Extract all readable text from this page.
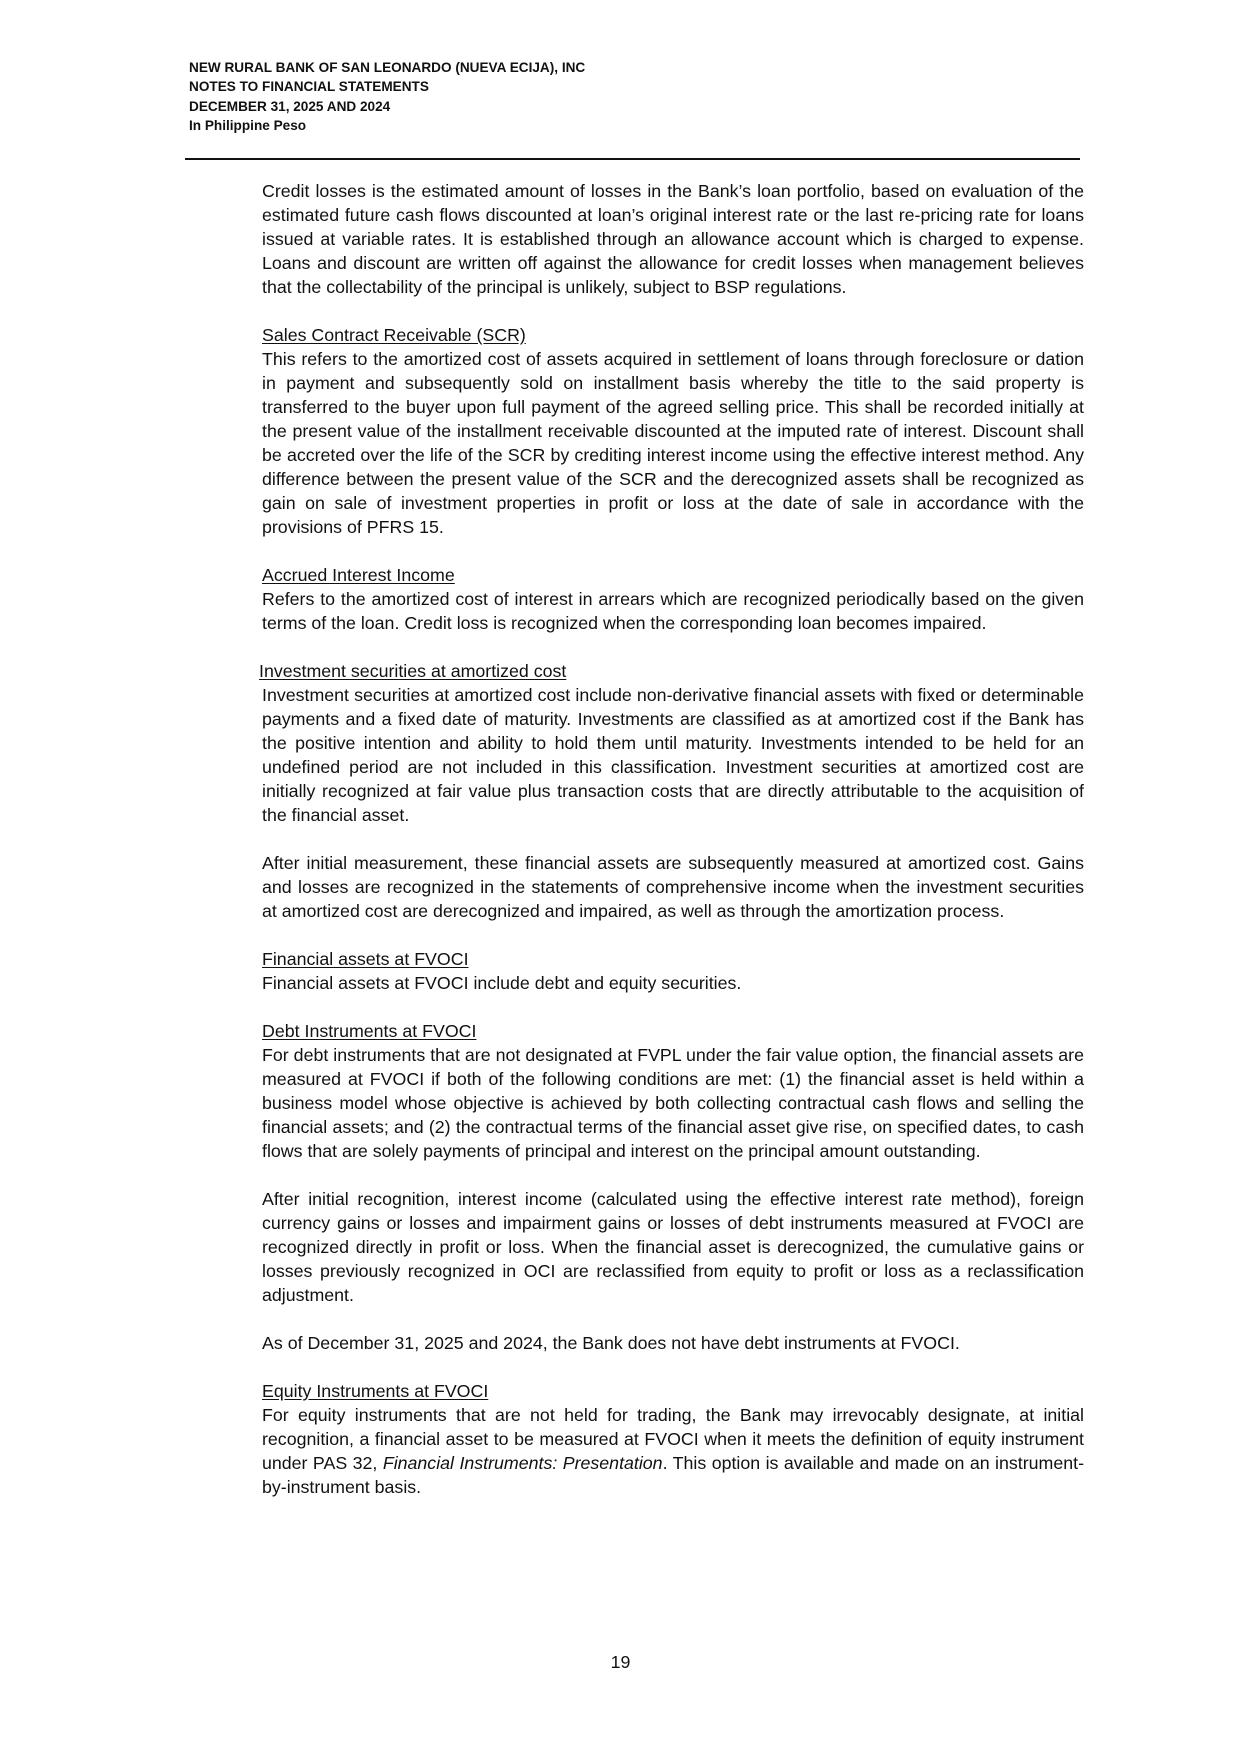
NEW RURAL BANK OF SAN LEONARDO (NUEVA ECIJA), INC
NOTES TO FINANCIAL STATEMENTS
DECEMBER 31, 2025 AND 2024
In Philippine Peso

Credit losses is the estimated amount of losses in the Bank’s loan portfolio, based on evaluation of the estimated future cash flows discounted at loan’s original interest rate or the last re-pricing rate for loans issued at variable rates. It is established through an allowance account which is charged to expense. Loans and discount are written off against the allowance for credit losses when management believes that the collectability of the principal is unlikely, subject to BSP regulations.

Sales Contract Receivable (SCR)
This refers to the amortized cost of assets acquired in settlement of loans through foreclosure or dation in payment and subsequently sold on installment basis whereby the title to the said property is transferred to the buyer upon full payment of the agreed selling price. This shall be recorded initially at the present value of the installment receivable discounted at the imputed rate of interest. Discount shall be accreted over the life of the SCR by crediting interest income using the effective interest method. Any difference between the present value of the SCR and the derecognized assets shall be recognized as gain on sale of investment properties in profit or loss at the date of sale in accordance with the provisions of PFRS 15.
Accrued Interest Income
Refers to the amortized cost of interest in arrears which are recognized periodically based on the given terms of the loan. Credit loss is recognized when the corresponding loan becomes impaired.
Investment securities at amortized cost
Investment securities at amortized cost include non-derivative financial assets with fixed or determinable payments and a fixed date of maturity. Investments are classified as at amortized cost if the Bank has the positive intention and ability to hold them until maturity. Investments intended to be held for an undefined period are not included in this classification. Investment securities at amortized cost are initially recognized at fair value plus transaction costs that are directly attributable to the acquisition of the financial asset.

After initial measurement, these financial assets are subsequently measured at amortized cost. Gains and losses are recognized in the statements of comprehensive income when the investment securities at amortized cost are derecognized and impaired, as well as through the amortization process.

Financial assets at FVOCI
Financial assets at FVOCI include debt and equity securities.
Debt Instruments at FVOCI
For debt instruments that are not designated at FVPL under the fair value option, the financial assets are measured at FVOCI if both of the following conditions are met: (1) the financial asset is held within a business model whose objective is achieved by both collecting contractual cash flows and selling the financial assets; and (2) the contractual terms of the financial asset give rise, on specified dates, to cash flows that are solely payments of principal and interest on the principal amount outstanding.

After initial recognition, interest income (calculated using the effective interest rate method), foreign currency gains or losses and impairment gains or losses of debt instruments measured at FVOCI are recognized directly in profit or loss. When the financial asset is derecognized, the cumulative gains or losses previously recognized in OCI are reclassified from equity to profit or loss as a reclassification adjustment.

As of December 31, 2025 and 2024, the Bank does not have debt instruments at FVOCI.

Equity Instruments at FVOCI
For equity instruments that are not held for trading, the Bank may irrevocably designate, at initial recognition, a financial asset to be measured at FVOCI when it meets the definition of equity instrument under PAS 32, Financial Instruments: Presentation. This option is available and made on an instrument-by-instrument basis.
19
